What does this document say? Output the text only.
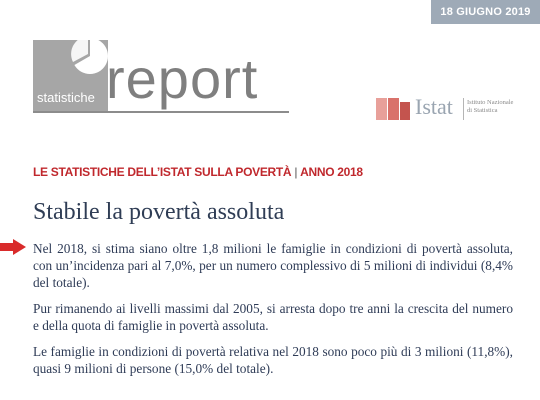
18 GIUGNO 2019
statistiche report	Istat Istituto Nazionale
di Statistica
LE STATISTICHE DELL’ISTAT SULLA POVERTÀ | ANNO 2018
Stabile la povertà assoluta

Nel 2018, si stima siano oltre 1,8 milioni le famiglie in condizioni di povertà assoluta, con un’incidenza pari al 7,0%, per un numero complessivo di 5 milioni di individui (8,4% del totale).

Pur rimanendo ai livelli massimi dal 2005, si arresta dopo tre anni la crescita del numero e della quota di famiglie in povertà assoluta.

Le famiglie in condizioni di povertà relativa nel 2018 sono poco più di 3 milioni (11,8%), quasi 9 milioni di persone (15,0% del totale).
